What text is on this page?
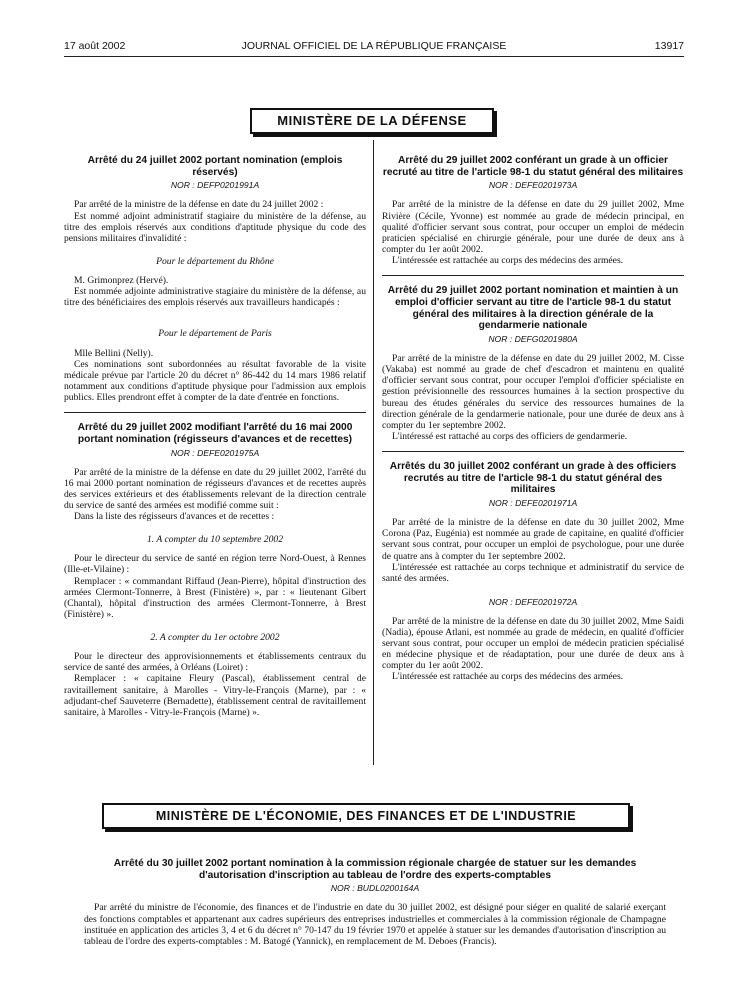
17 août 2002	JOURNAL OFFICIEL DE LA RÉPUBLIQUE FRANÇAISE	13917
MINISTÈRE DE LA DÉFENSE
Arrêté du 24 juillet 2002 portant nomination (emplois réservés)
NOR : DEFP0201991A

Par arrêté de la ministre de la défense en date du 24 juillet 2002 :

Est nommé adjoint administratif stagiaire du ministère de la défense, au titre des emplois réservés aux conditions d'aptitude physique du code des pensions militaires d'invalidité :

Pour le département du Rhône

M. Grimonprez (Hervé).

Est nommée adjointe administrative stagiaire du ministère de la défense, au titre des bénéficiaires des emplois réservés aux travailleurs handicapés :

Pour le département de Paris

Mlle Bellini (Nelly).

Ces nominations sont subordonnées au résultat favorable de la visite médicale prévue par l'article 20 du décret n° 86-442 du 14 mars 1986 relatif notamment aux conditions d'aptitude physique pour l'admission aux emplois publics. Elles prendront effet à compter de la date d'entrée en fonctions.

Arrêté du 29 juillet 2002 modifiant l'arrêté du 16 mai 2000 portant nomination (régisseurs d'avances et de recettes)
NOR : DEFE0201975A

Par arrêté de la ministre de la défense en date du 29 juillet 2002, l'arrêté du 16 mai 2000 portant nomination de régisseurs d'avances et de recettes auprès des services extérieurs et des établissements relevant de la direction centrale du service de santé des armées est modifié comme suit :

Dans la liste des régisseurs d'avances et de recettes :

1. A compter du 10 septembre 2002

Pour le directeur du service de santé en région terre Nord-Ouest, à Rennes (Ille-et-Vilaine) :

Remplacer : « commandant Riffaud (Jean-Pierre), hôpital d'instruction des armées Clermont-Tonnerre, à Brest (Finistère) », par : « lieutenant Gibert (Chantal), hôpital d'instruction des armées Clermont-Tonnerre, à Brest (Finistère) ».

2. A compter du 1er octobre 2002

Pour le directeur des approvisionnements et établissements centraux du service de santé des armées, à Orléans (Loiret) :

Remplacer : « capitaine Fleury (Pascal), établissement central de ravitaillement sanitaire, à Marolles - Vitry-le-François (Marne), par : « adjudant-chef Sauveterre (Bernadette), établissement central de ravitaillement sanitaire, à Marolles - Vitry-le-François (Marne) ».

Arrêté du 29 juillet 2002 conférant un grade à un officier recruté au titre de l'article 98-1 du statut général des militaires
NOR : DEFE0201973A

Par arrêté de la ministre de la défense en date du 29 juillet 2002, Mme Rivière (Cécile, Yvonne) est nommée au grade de médecin principal, en qualité d'officier servant sous contrat, pour occuper un emploi de médecin praticien spécialisé en chirurgie générale, pour une durée de deux ans à compter du 1er août 2002.

L'intéressée est rattachée au corps des médecins des armées.

Arrêté du 29 juillet 2002 portant nomination et maintien à un emploi d'officier servant au titre de l'article 98-1 du statut général des militaires à la direction générale de la gendarmerie nationale
NOR : DEFG0201980A

Par arrêté de la ministre de la défense en date du 29 juillet 2002, M. Cisse (Vakaba) est nommé au grade de chef d'escadron et maintenu en qualité d'officier servant sous contrat, pour occuper l'emploi d'officier spécialiste en gestion prévisionnelle des ressources humaines à la section prospective du bureau des études générales du service des ressources humaines de la direction générale de la gendarmerie nationale, pour une durée de deux ans à compter du 1er septembre 2002.

L'intéressé est rattaché au corps des officiers de gendarmerie.

Arrêtés du 30 juillet 2002 conférant un grade à des officiers recrutés au titre de l'article 98-1 du statut général des militaires
NOR : DEFE0201971A

Par arrêté de la ministre de la défense en date du 30 juillet 2002, Mme Corona (Paz, Eugénia) est nommée au grade de capitaine, en qualité d'officier servant sous contrat, pour occuper un emploi de psychologue, pour une durée de quatre ans à compter du 1er septembre 2002.

L'intéressée est rattachée au corps technique et administratif du service de santé des armées.

NOR : DEFE0201972A

Par arrêté de la ministre de la défense en date du 30 juillet 2002, Mme Saidi (Nadia), épouse Atlani, est nommée au grade de médecin, en qualité d'officier servant sous contrat, pour occuper un emploi de médecin praticien spécialisé en médecine physique et de réadaptation, pour une durée de deux ans à compter du 1er août 2002.

L'intéressée est rattachée au corps des médecins des armées.

MINISTÈRE DE L'ÉCONOMIE, DES FINANCES ET DE L'INDUSTRIE
Arrêté du 30 juillet 2002 portant nomination à la commission régionale chargée de statuer sur les demandes d'autorisation d'inscription au tableau de l'ordre des experts-comptables
NOR : BUDL0200164A

Par arrêté du ministre de l'économie, des finances et de l'industrie en date du 30 juillet 2002, est désigné pour siéger en qualité de salarié exerçant des fonctions comptables et appartenant aux cadres supérieurs des entreprises industrielles et commerciales à la commission régionale de Champagne instituée en application des articles 3, 4 et 6 du décret n° 70-147 du 19 février 1970 et appelée à statuer sur les demandes d'autorisation d'inscription au tableau de l'ordre des experts-comptables : M. Batogé (Yannick), en remplacement de M. Deboes (Francis).
